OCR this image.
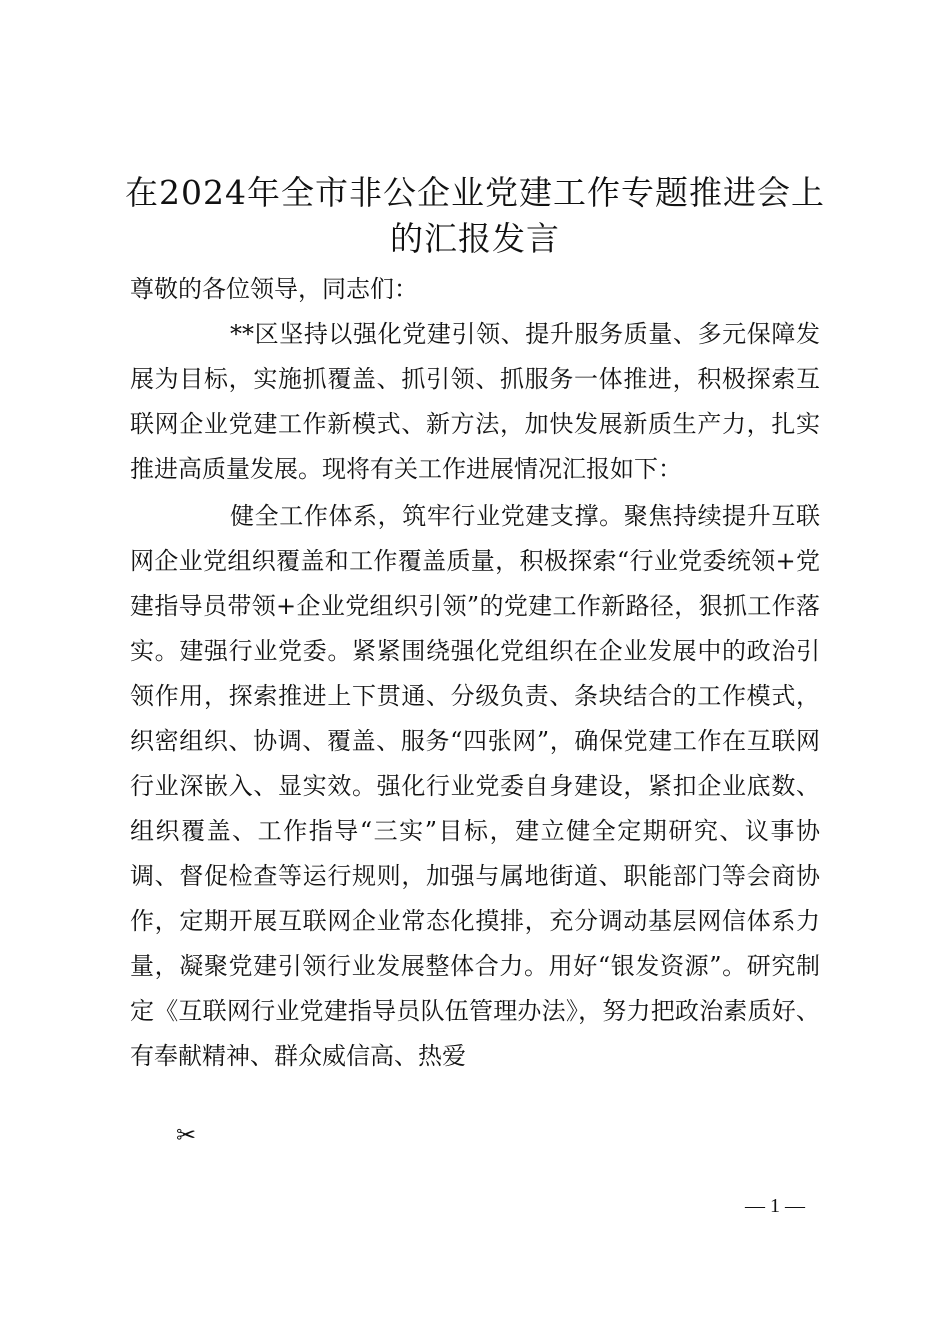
在2024年全市非公企业党建工作专题推进会上的汇报发言
尊敬的各位领导，同志们：
**区坚持以强化党建引领、提升服务质量、多元保障发展为目标，实施抓覆盖、抓引领、抓服务一体推进，积极探索互联网企业党建工作新模式、新方法，加快发展新质生产力，扎实推进高质量发展。现将有关工作进展情况汇报如下：
健全工作体系，筑牢行业党建支撑。聚焦持续提升互联网企业党组织覆盖和工作覆盖质量，积极探索“行业党委统领+党建指导员带领+企业党组织引领”的党建工作新路径，狠抓工作落实。建强行业党委。紧紧围绕强化党组织在企业发展中的政治引领作用，探索推进上下贯通、分级负责、条块结合的工作模式，织密组织、协调、覆盖、服务“四张网”，确保党建工作在互联网行业深嵌入、显实效。强化行业党委自身建设，紧扣企业底数、组织覆盖、工作指导“三实”目标，建立健全定期研究、议事协调、督促检查等运行规则，加强与属地街道、职能部门等会商协作，定期开展互联网企业常态化摸排，充分调动基层网信体系力量，凝聚党建引领行业发展整体合力。用好“银发资源”。研究制定《互联网行业党建指导员队伍管理办法》，努力把政治素质好、有奉献精神、群众威信高、热爱
✂
— 1 —
